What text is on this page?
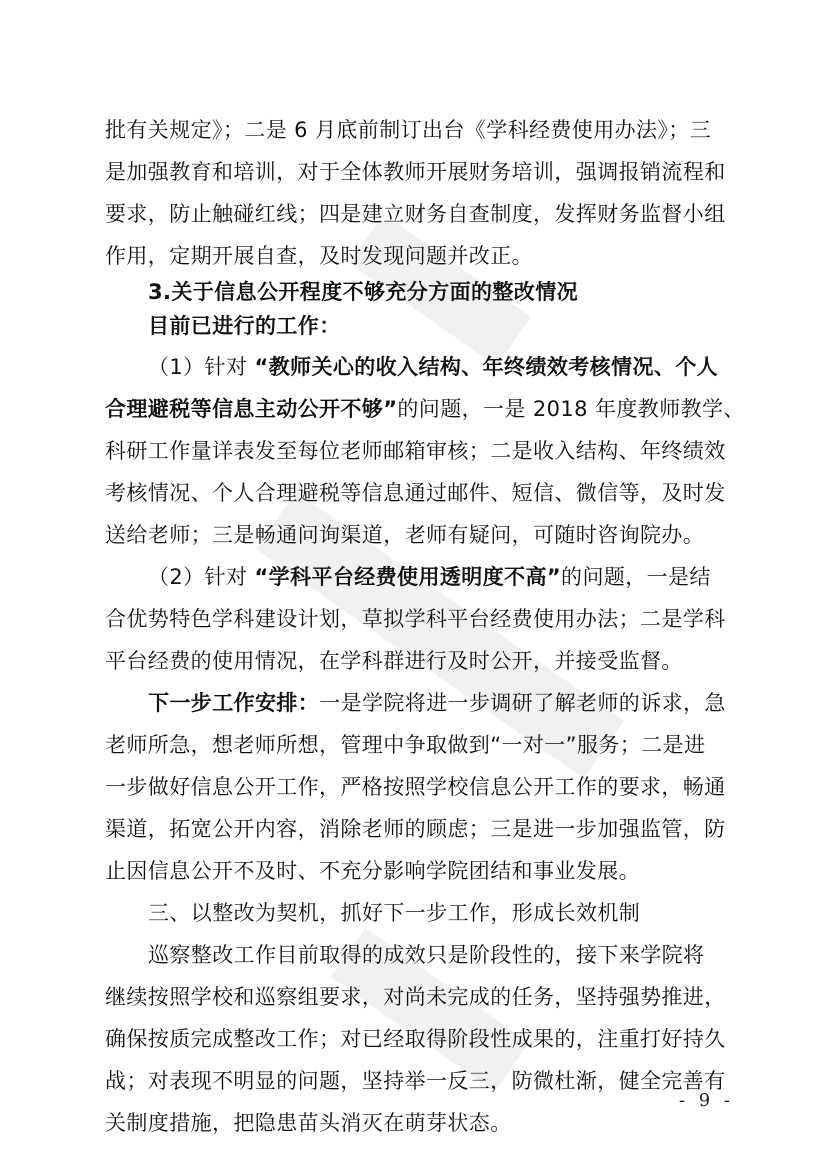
批有关规定》；二是 6 月底前制订出台《学科经费使用办法》；三
是加强教育和培训，对于全体教师开展财务培训，强调报销流程和
要求，防止触碰红线；四是建立财务自查制度，发挥财务监督小组
作用，定期开展自查，及时发现问题并改正。
3.关于信息公开程度不够充分方面的整改情况
目前已进行的工作：
（1）针对 “教师关心的收入结构、年终绩效考核情况、个人
合理避税等信息主动公开不够”的问题，一是 2018 年度教师教学、
科研工作量详表发至每位老师邮箱审核；二是收入结构、年终绩效
考核情况、个人合理避税等信息通过邮件、短信、微信等，及时发
送给老师；三是畅通问询渠道，老师有疑问，可随时咨询院办。
（2）针对 “学科平台经费使用透明度不高”的问题，一是结
合优势特色学科建设计划，草拟学科平台经费使用办法；二是学科
平台经费的使用情况，在学科群进行及时公开，并接受监督。
下一步工作安排：一是学院将进一步调研了解老师的诉求，急
老师所急，想老师所想，管理中争取做到“一对一”服务；二是进
一步做好信息公开工作，严格按照学校信息公开工作的要求，畅通
渠道，拓宽公开内容，消除老师的顾虑；三是进一步加强监管，防
止因信息公开不及时、不充分影响学院团结和事业发展。
三、以整改为契机，抓好下一步工作，形成长效机制
巡察整改工作目前取得的成效只是阶段性的，接下来学院将
继续按照学校和巡察组要求，对尚未完成的任务，坚持强势推进，
确保按质完成整改工作；对已经取得阶段性成果的，注重打好持久
战；对表现不明显的问题，坚持举一反三，防微杜渐，健全完善有
关制度措施，把隐患苗头消灭在萌芽状态。
- 9 -
